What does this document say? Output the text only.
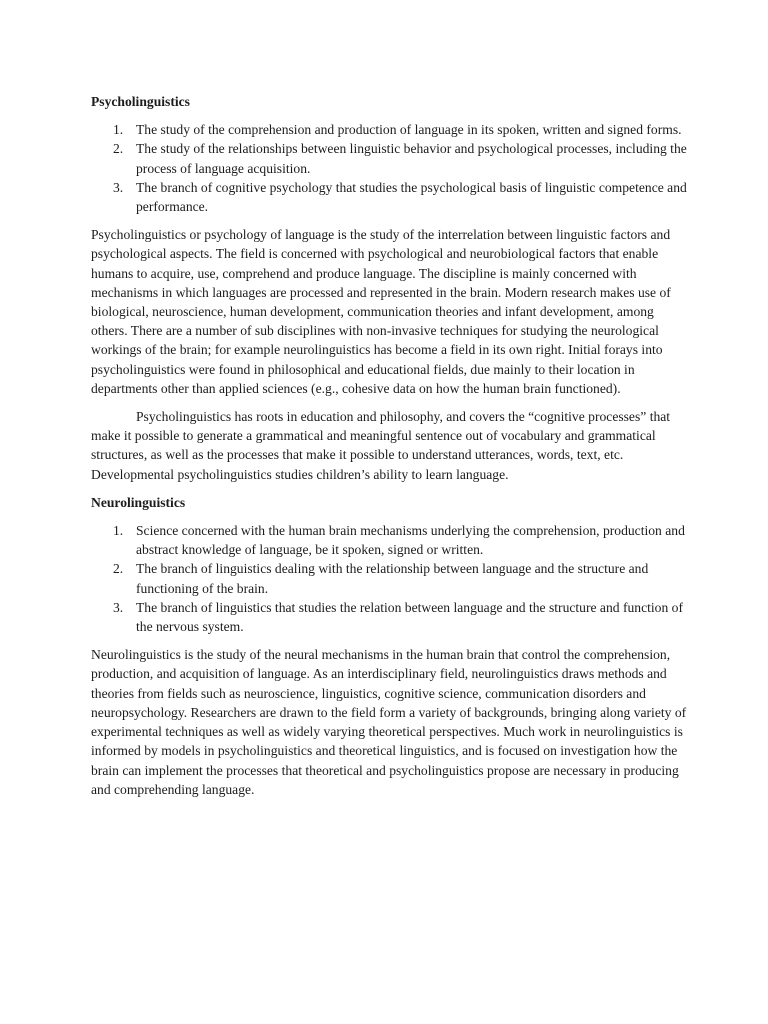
Psycholinguistics
1. The study of the comprehension and production of language in its spoken, written and signed forms.
2. The study of the relationships between linguistic behavior and psychological processes, including the process of language acquisition.
3. The branch of cognitive psychology that studies the psychological basis of linguistic competence and performance.

Psycholinguistics or psychology of language is the study of the interrelation between linguistic factors and psychological aspects. The field is concerned with psychological and neurobiological factors that enable humans to acquire, use, comprehend and produce language. The discipline is mainly concerned with mechanisms in which languages are processed and represented in the brain. Modern research makes use of biological, neuroscience, human development, communication theories and infant development, among others. There are a number of sub disciplines with non-invasive techniques for studying the neurological workings of the brain; for example neurolinguistics has become a field in its own right. Initial forays into psycholinguistics were found in philosophical and educational fields, due mainly to their location in departments other than applied sciences (e.g., cohesive data on how the human brain functioned).

Psycholinguistics has roots in education and philosophy, and covers the “cognitive processes” that make it possible to generate a grammatical and meaningful sentence out of vocabulary and grammatical structures, as well as the processes that make it possible to understand utterances, words, text, etc. Developmental psycholinguistics studies children’s ability to learn language.

Neurolinguistics
1. Science concerned with the human brain mechanisms underlying the comprehension, production and abstract knowledge of language, be it spoken, signed or written.
2. The branch of linguistics dealing with the relationship between language and the structure and functioning of the brain.
3. The branch of linguistics that studies the relation between language and the structure and function of the nervous system.

Neurolinguistics is the study of the neural mechanisms in the human brain that control the comprehension, production, and acquisition of language. As an interdisciplinary field, neurolinguistics draws methods and theories from fields such as neuroscience, linguistics, cognitive science, communication disorders and neuropsychology. Researchers are drawn to the field form a variety of backgrounds, bringing along variety of experimental techniques as well as widely varying theoretical perspectives. Much work in neurolinguistics is informed by models in psycholinguistics and theoretical linguistics, and is focused on investigation how the brain can implement the processes that theoretical and psycholinguistics propose are necessary in producing and comprehending language.
